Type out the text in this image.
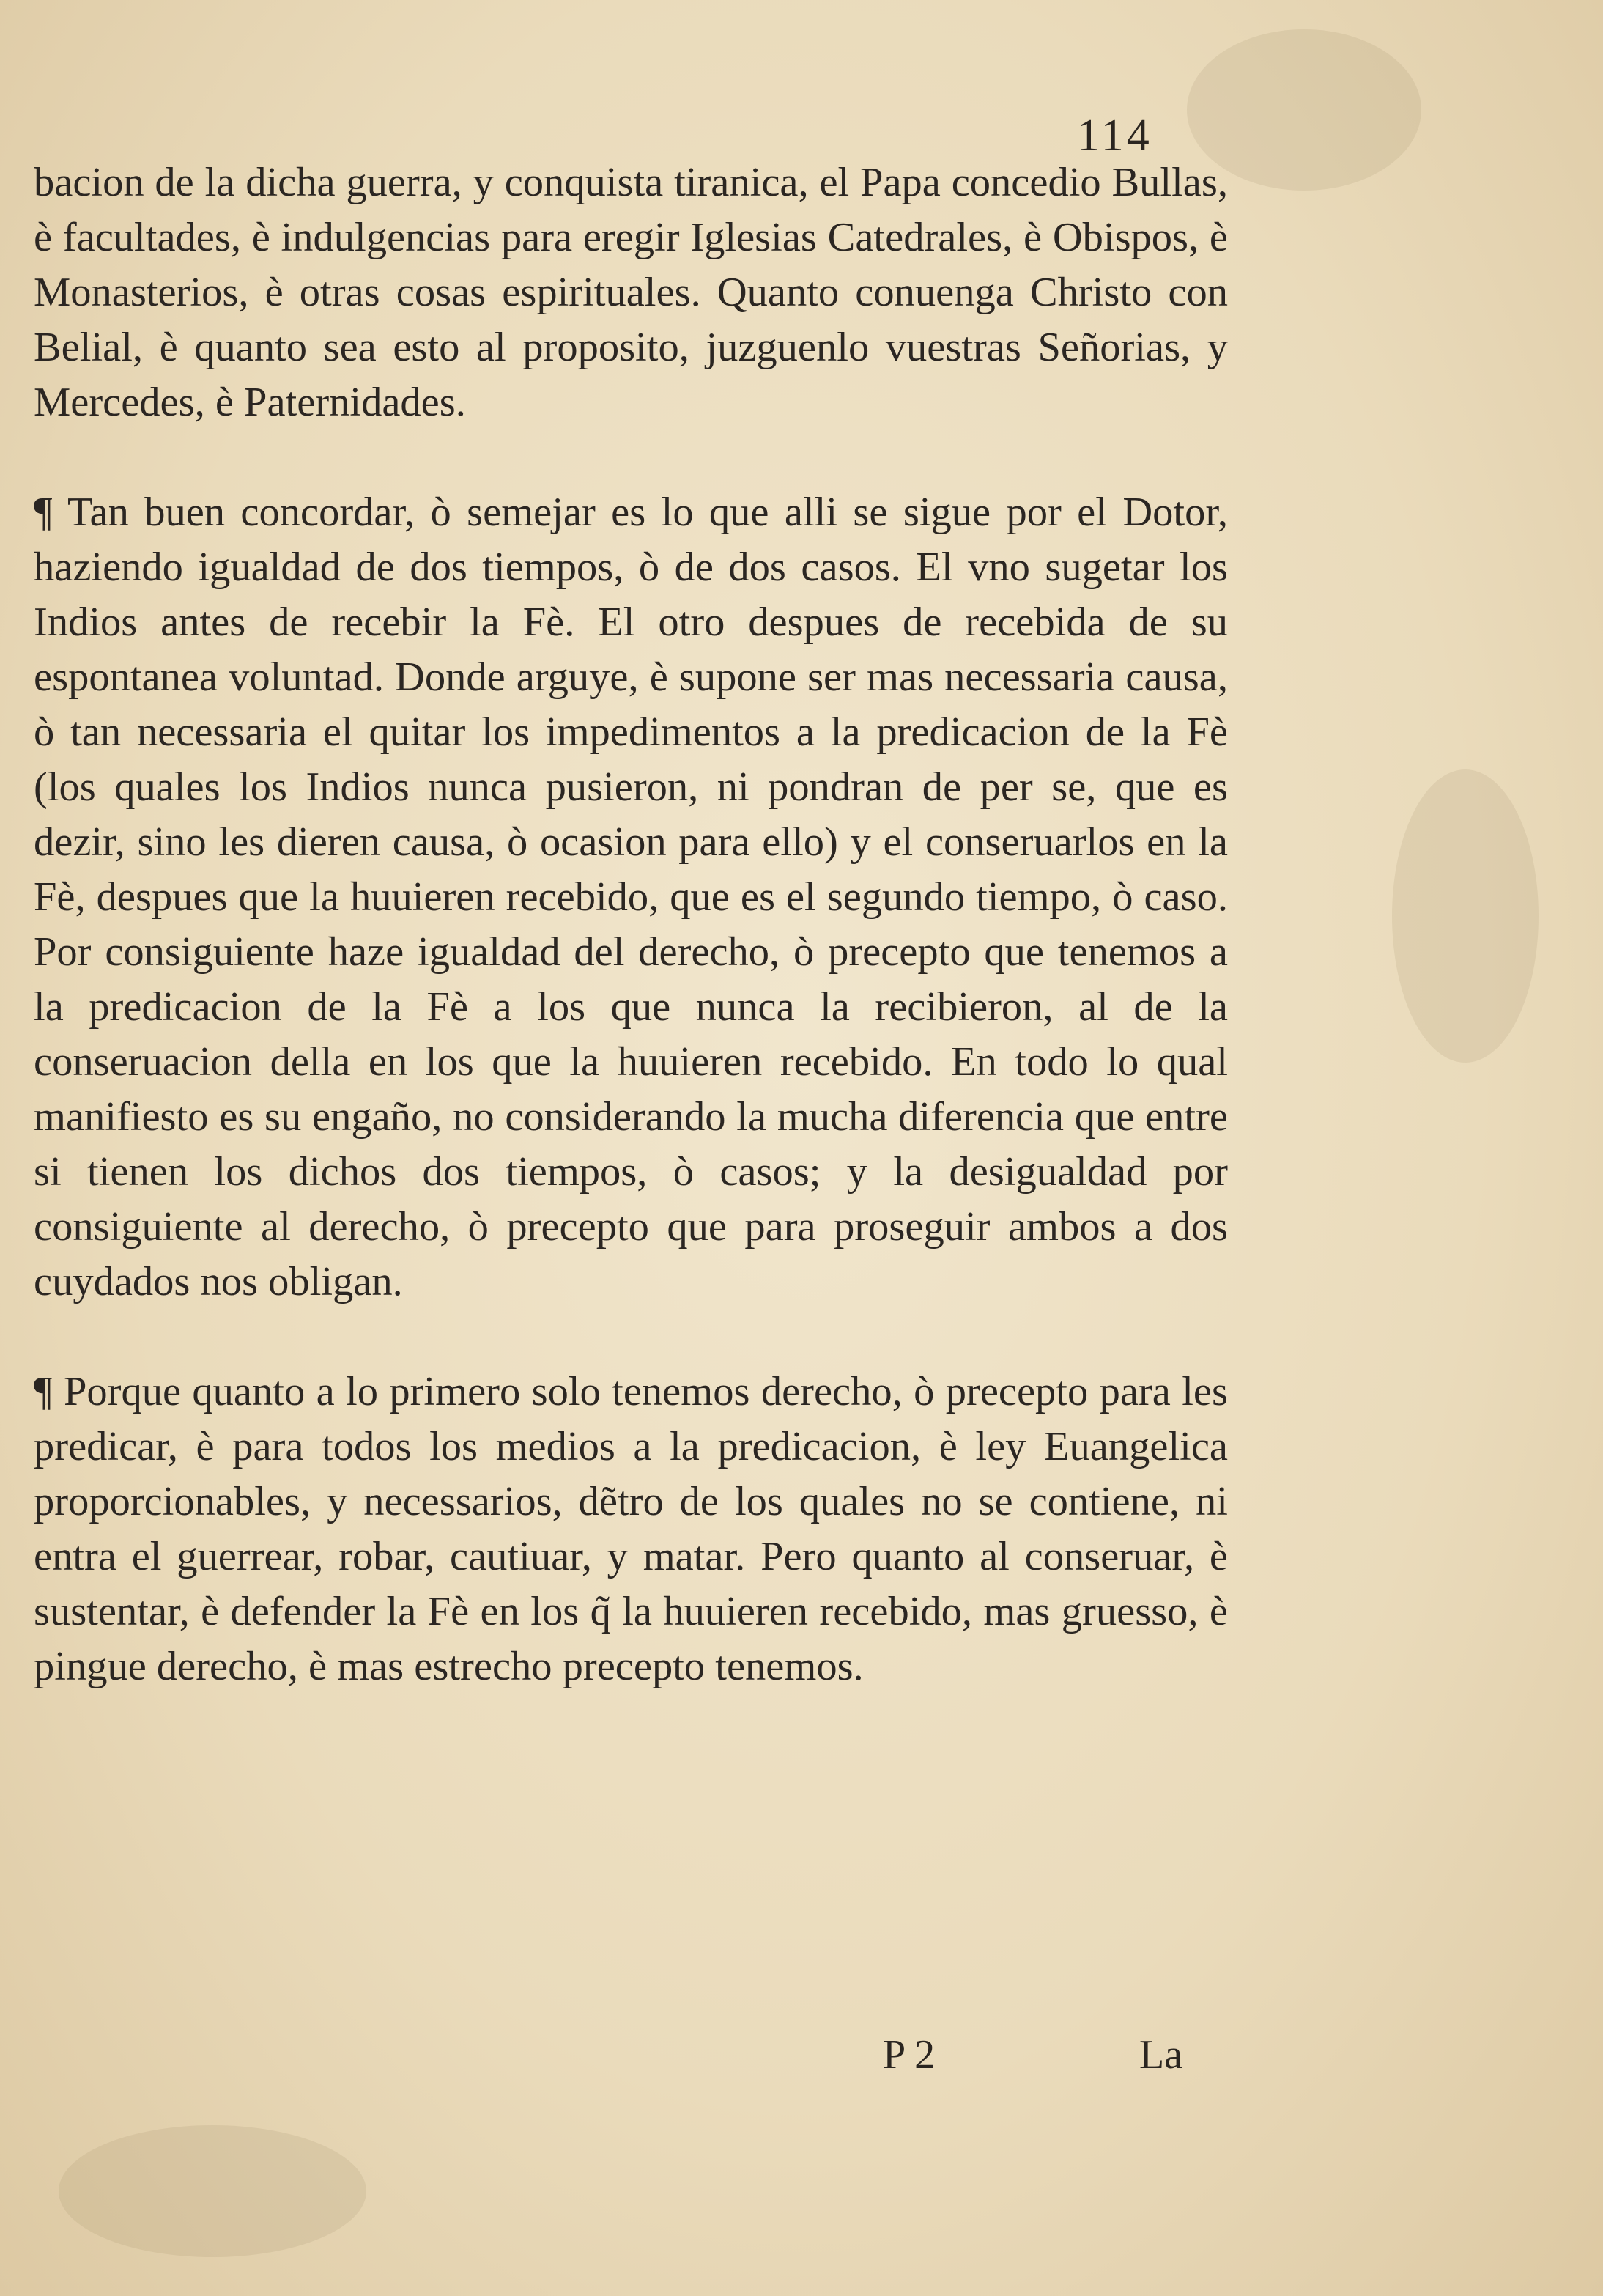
114

bacion de la dicha guerra, y conquista tiranica, el Papa concedio Bullas, è facultades, è indulgencias para eregir Iglesias Catedrales, è Obispos, è Monasterios, è otras cosas espirituales. Quanto conuenga Christo con Belial, è quanto sea esto al proposito, juzguenlo vuestras Señorias, y Mercedes, è Paternidades.

¶ Tan buen concordar, ò semejar es lo que alli se sigue por el Dotor, haziendo igualdad de dos tiempos, ò de dos casos. El vno sugetar los Indios antes de recebir la Fè. El otro despues de recebida de su espontanea voluntad. Donde arguye, è supone ser mas necessaria causa, ò tan necessaria el quitar los impedimentos a la predicacion de la Fè (los quales los Indios nunca pusieron, ni pondran de per se, que es dezir, sino les dieren causa, ò ocasion para ello) y el conseruarlos en la Fè, despues que la huuieren recebido, que es el segundo tiempo, ò caso. Por consiguiente haze igualdad del derecho, ò precepto que tenemos a la predicacion de la Fè a los que nunca la recibieron, al de la conseruacion della en los que la huuieren recebido. En todo lo qual manifiesto es su engaño, no considerando la mucha diferencia que entre si tienen los dichos dos tiempos, ò casos; y la desigualdad por consiguiente al derecho, ò precepto que para proseguir ambos a dos cuydados nos obligan.

¶ Porque quanto a lo primero solo tenemos derecho, ò precepto para les predicar, è para todos los medios a la predicacion, è ley Euangelica proporcionables, y necessarios, dẽtro de los quales no se contiene, ni entra el guerrear, robar, cautiuar, y matar. Pero quanto al conseruar, è sustentar, è defender la Fè en los q̃ la huuieren recebido, mas gruesso, è pingue derecho, è mas estrecho precepto tenemos.

P 2	La
